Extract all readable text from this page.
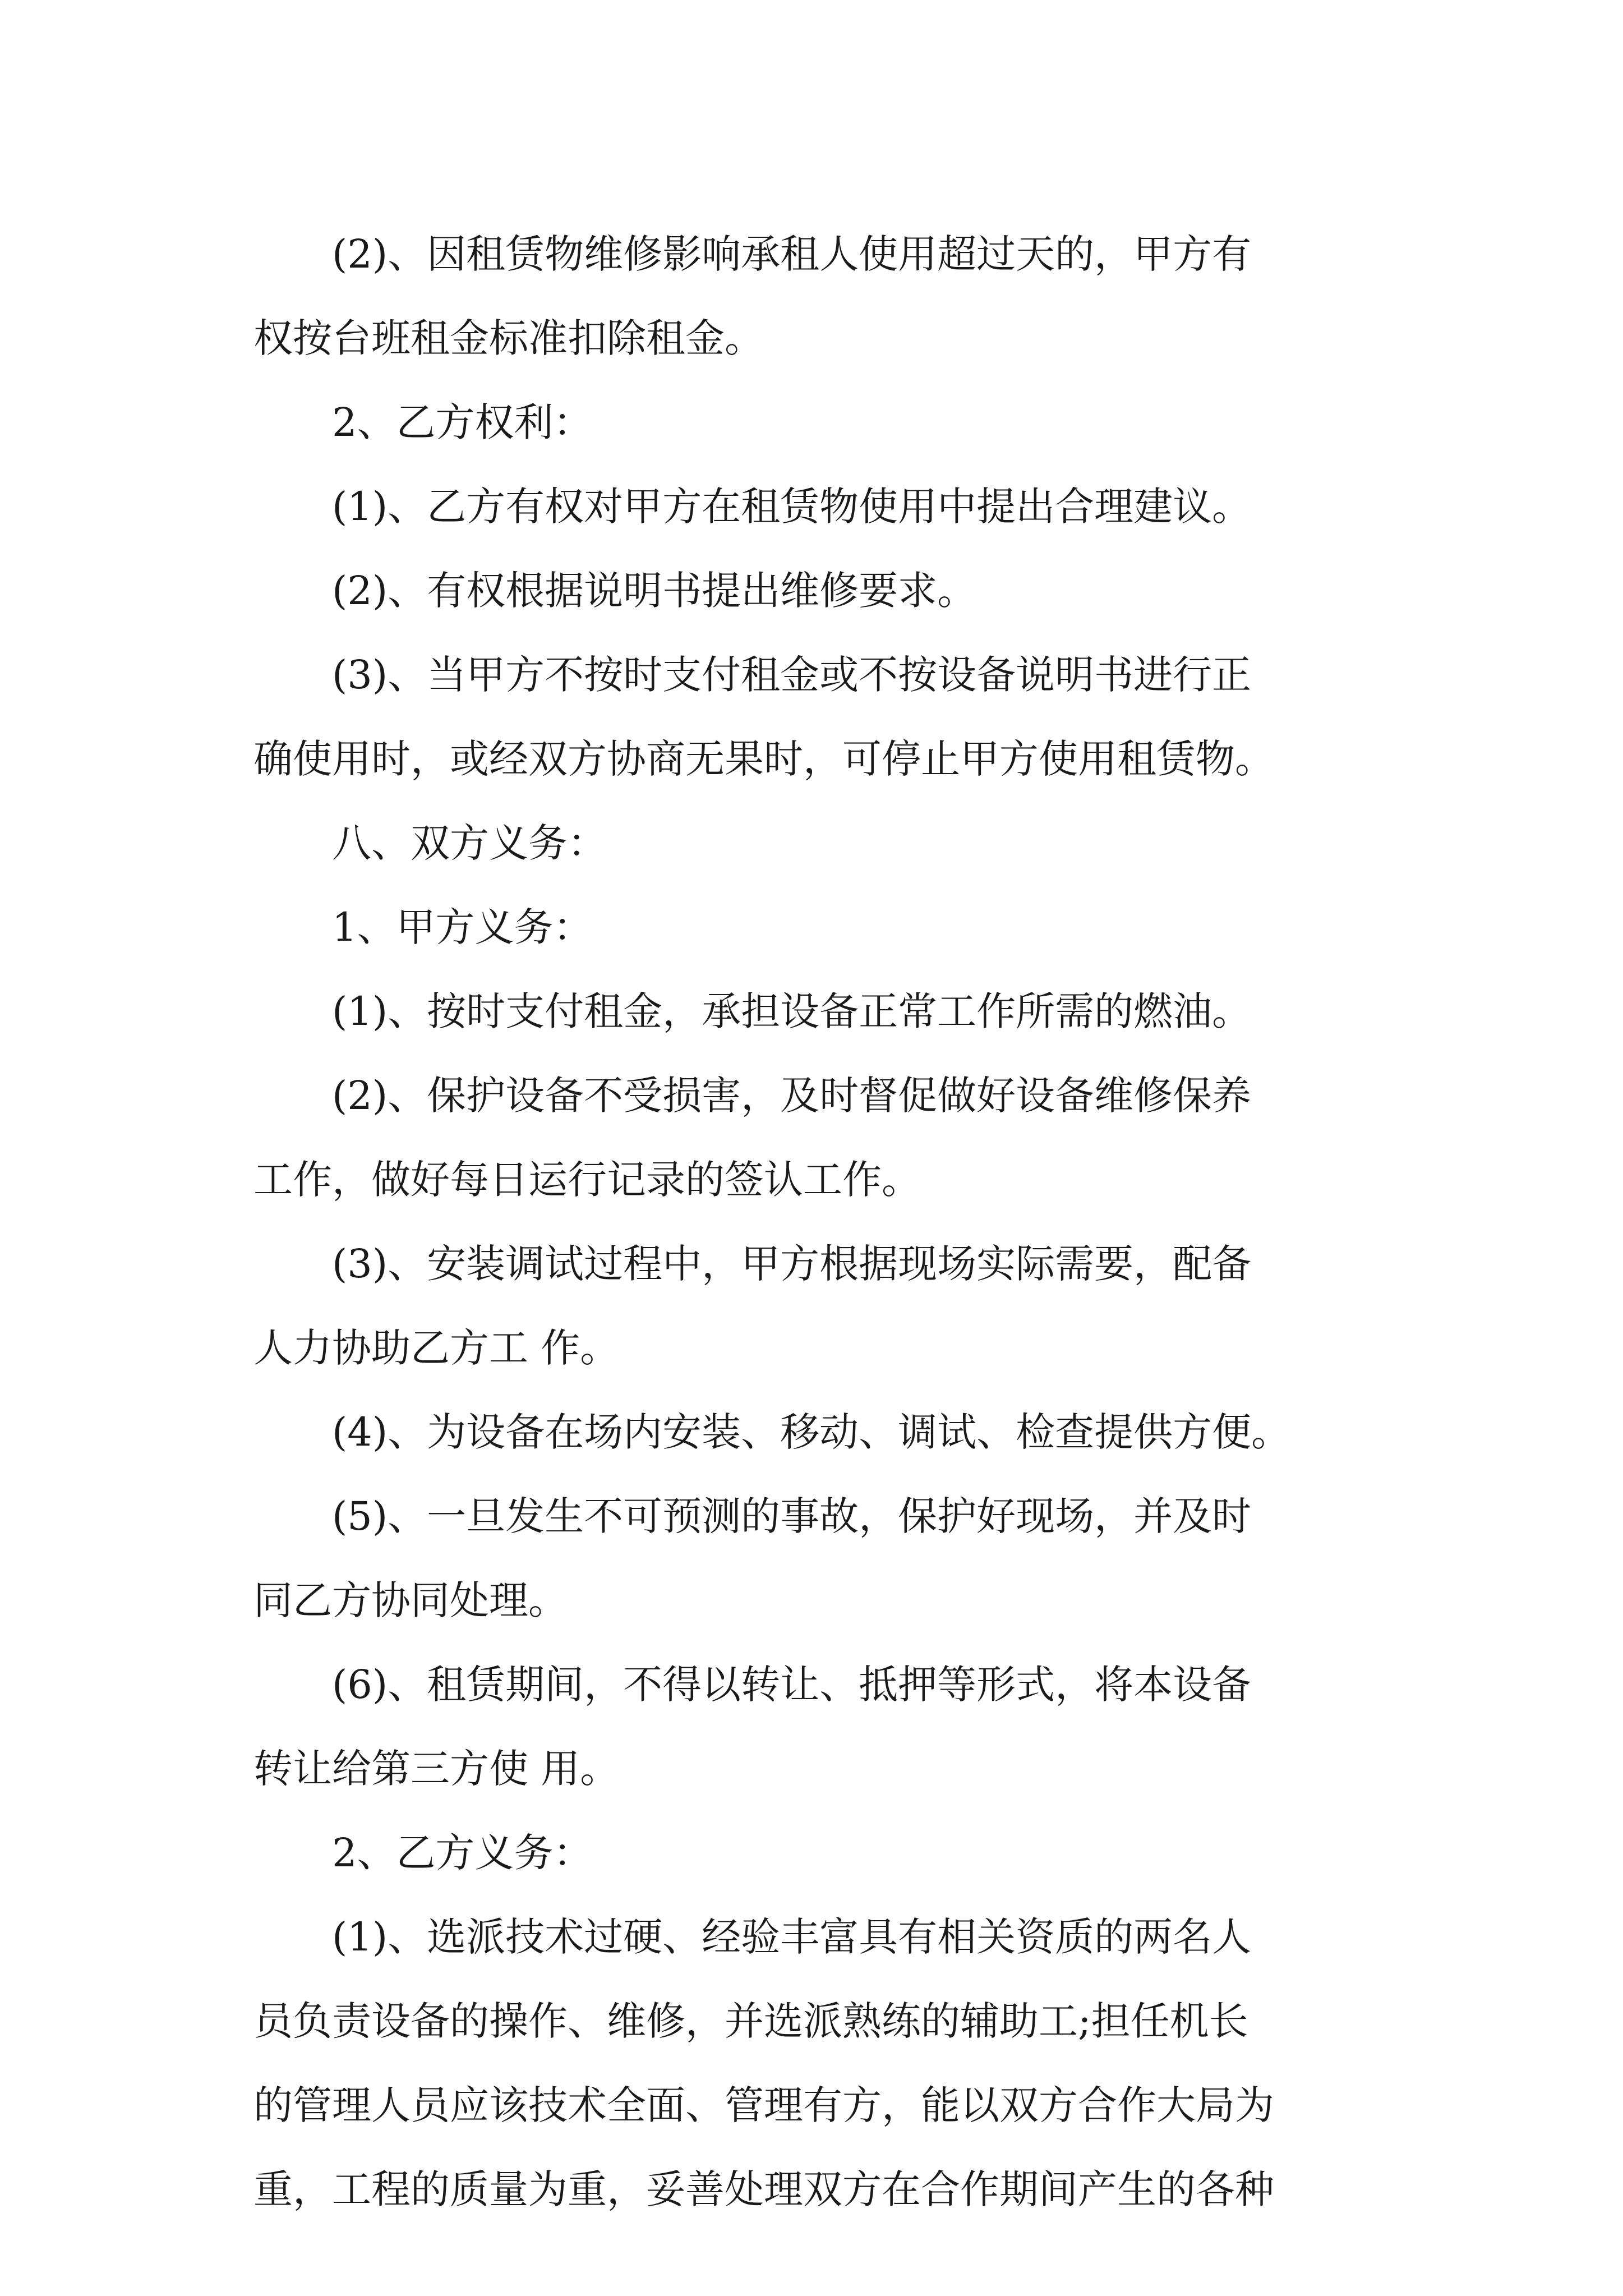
(2)、因租赁物维修影响承租人使用超过天的，甲方有
权按台班租金标准扣除租金。
2、乙方权利：
(1)、乙方有权对甲方在租赁物使用中提出合理建议。
(2)、有权根据说明书提出维修要求。
(3)、当甲方不按时支付租金或不按设备说明书进行正
确使用时，或经双方协商无果时，可停止甲方使用租赁物。
八、双方义务：
1、甲方义务：
(1)、按时支付租金，承担设备正常工作所需的燃油。
(2)、保护设备不受损害，及时督促做好设备维修保养
工作，做好每日运行记录的签认工作。
(3)、安装调试过程中，甲方根据现场实际需要，配备
人力协助乙方工 作。
(4)、为设备在场内安装、移动、调试、检查提供方便。
(5)、一旦发生不可预测的事故，保护好现场，并及时
同乙方协同处理。
(6)、租赁期间，不得以转让、抵押等形式，将本设备
转让给第三方使 用。
2、乙方义务：
(1)、选派技术过硬、经验丰富具有相关资质的两名人
员负责设备的操作、维修，并选派熟练的辅助工;担任机长
的管理人员应该技术全面、管理有方，能以双方合作大局为
重，工程的质量为重，妥善处理双方在合作期间产生的各种
